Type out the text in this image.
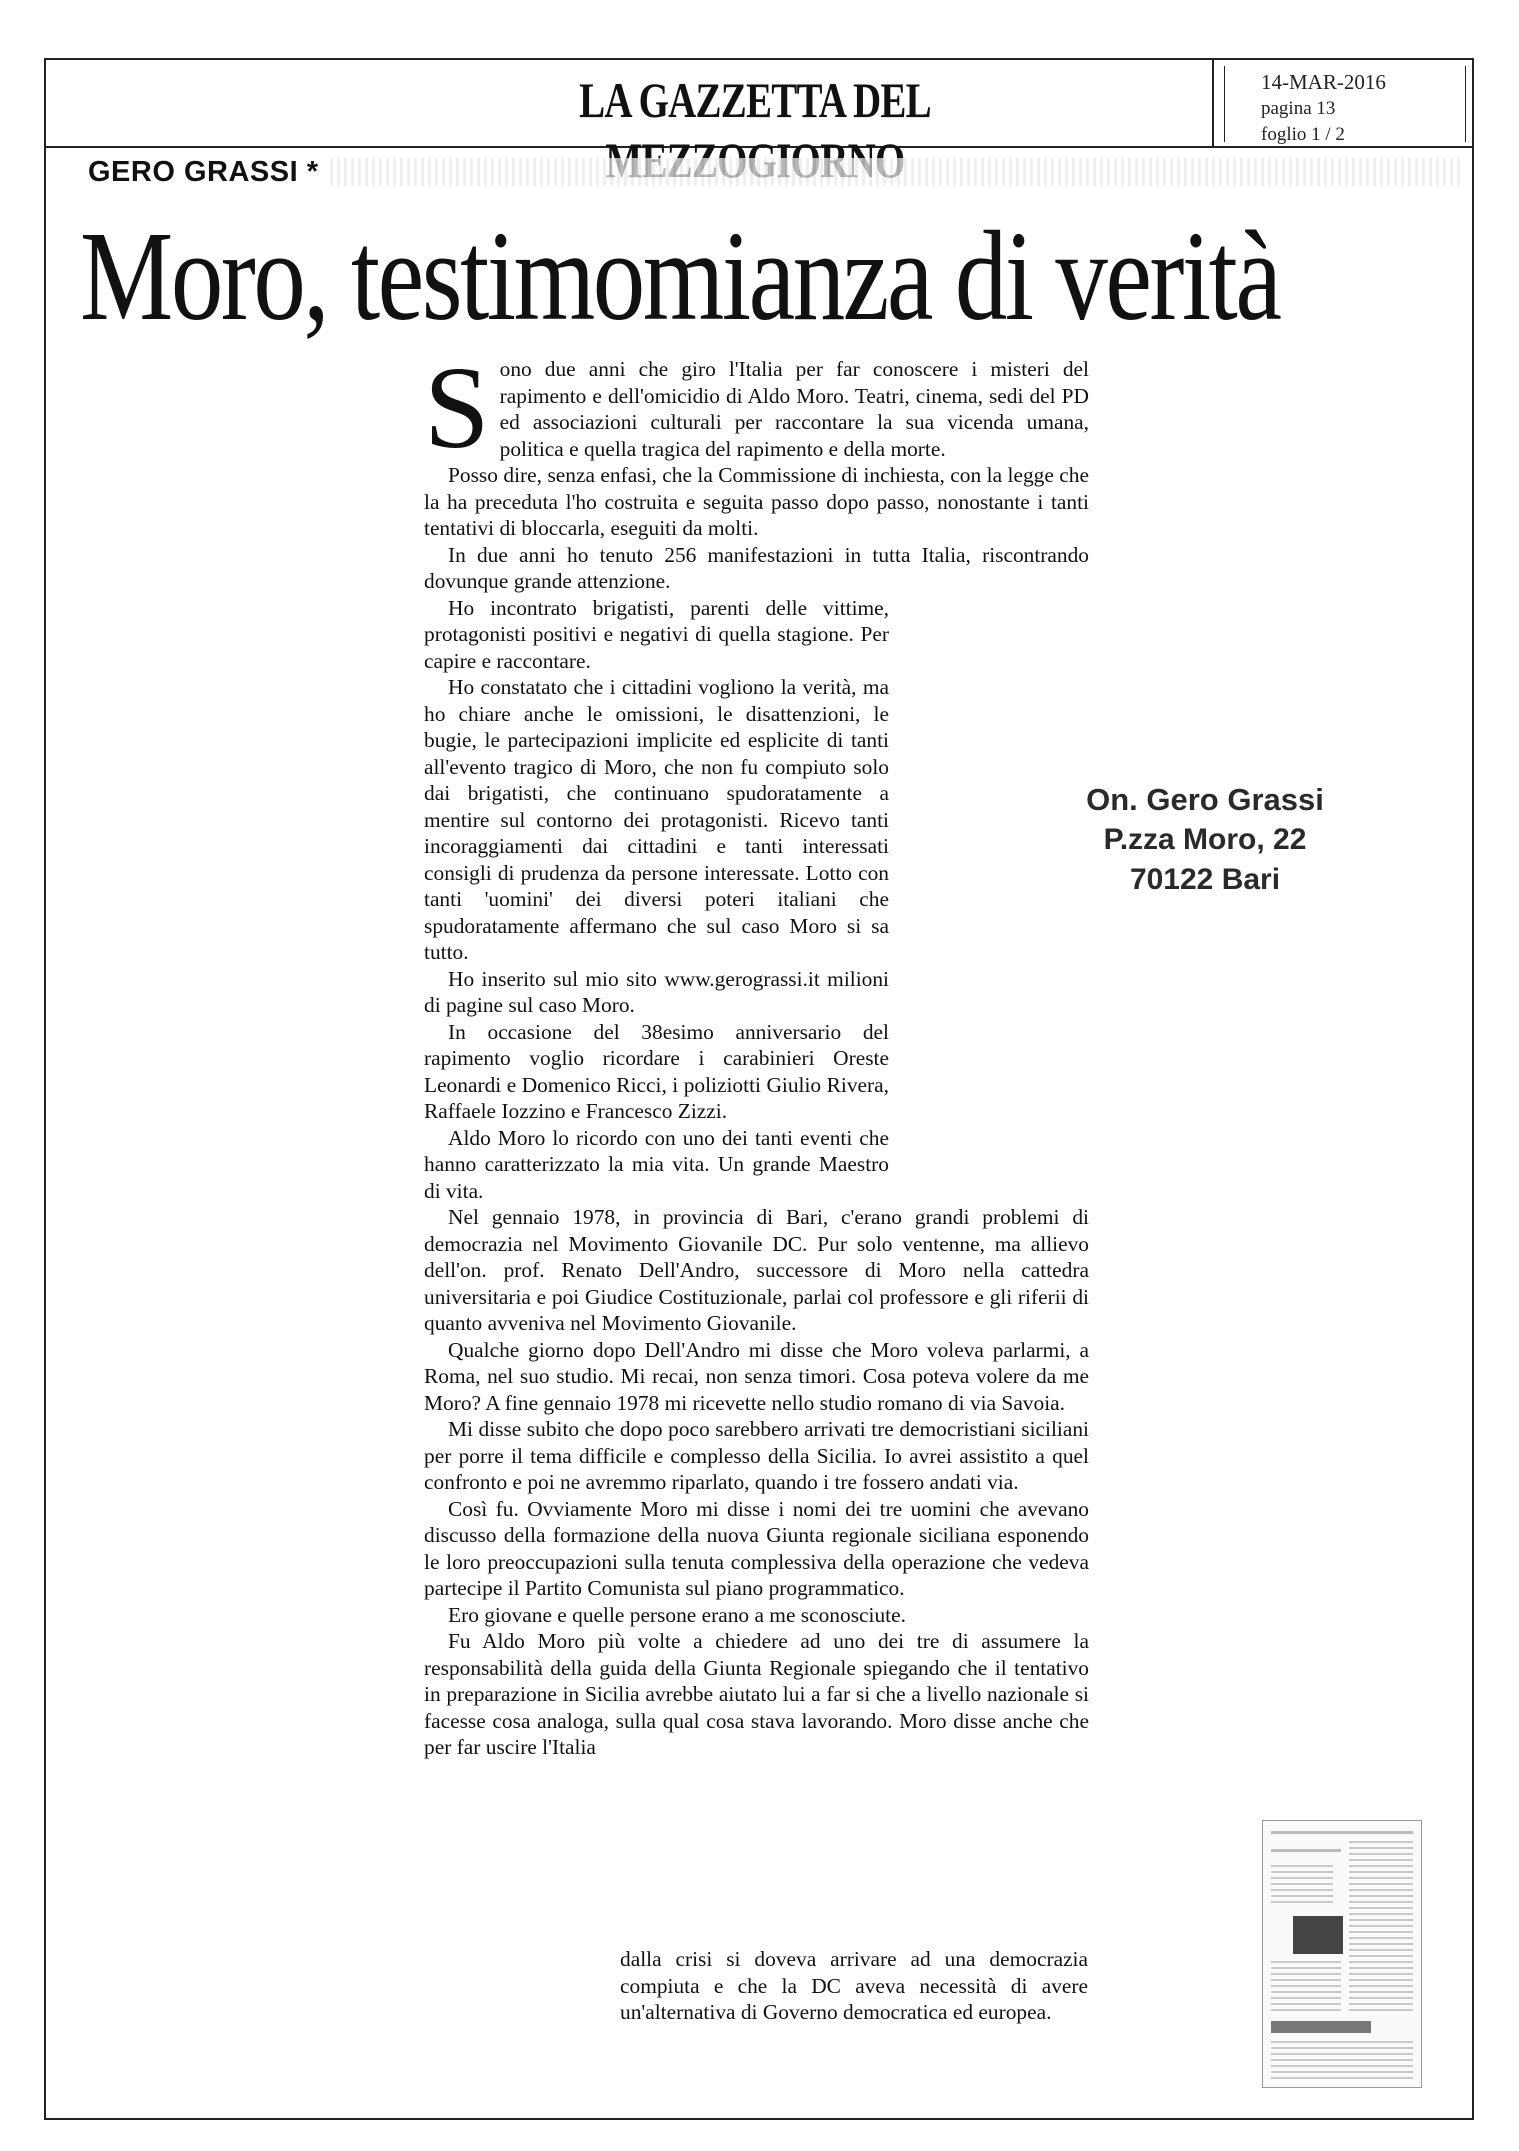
LA GAZZETTA DEL	14-MAR-2016
pagina 13
foglio 1 / 2
GERO GRASSI *
Moro, testimomianza di verità

Sono due anni che giro l'Italia per far conoscere i misteri del rapimento e dell'omicidio di Aldo Moro. Teatri, cinema, sedi del PD ed associazioni culturali per raccontare la sua vicenda umana, politica e quella tragica del rapimento e della morte.

Posso dire, senza enfasi, che la Commissione di inchiesta, con la legge che la ha preceduta l'ho costruita e seguita passo dopo passo, nonostante i tanti tentativi di bloccarla, eseguiti da molti.

In due anni ho tenuto 256 manifestazioni in tutta Italia, riscontrando dovunque grande attenzione.

Ho incontrato brigatisti, parenti delle vittime, protagonisti positivi e negativi di quella stagione. Per capire e raccontare.

Ho constatato che i cittadini vogliono la verità, ma ho chiare anche le omissioni, le disattenzioni, le bugie, le partecipazioni implicite ed esplicite di tanti all'evento tragico di Moro, che non fu compiuto solo dai brigatisti, che continuano spudoratamente a mentire sul contorno dei protagonisti. Ricevo tanti incoraggiamenti dai cittadini e tanti interessati consigli di prudenza da persone interessate. Lotto con tanti 'uomini' dei diversi poteri italiani che spudoratamente affermano che sul caso Moro si sa tutto.

Ho inserito sul mio sito www.gerograssi.it milioni di pagine sul caso Moro.

In occasione del 38esimo anniversario del rapimento voglio ricordare i carabinieri Oreste Leonardi e Domenico Ricci, i poliziotti Giulio Rivera, Raffaele Iozzino e Francesco Zizzi.

Aldo Moro lo ricordo con uno dei tanti eventi che hanno caratterizzato la mia vita. Un grande Maestro di vita.

Nel gennaio 1978, in provincia di Bari, c'erano grandi problemi di democrazia nel Movimento Giovanile DC. Pur solo ventenne, ma allievo dell'on. prof. Renato Dell'Andro, successore di Moro nella cattedra universitaria e poi Giudice Costituzionale, parlai col professore e gli riferii di quanto avveniva nel Movimento Giovanile.

Qualche giorno dopo Dell'Andro mi disse che Moro voleva parlarmi, a Roma, nel suo studio. Mi recai, non senza timori. Cosa poteva volere da me Moro? A fine gennaio 1978 mi ricevette nello studio romano di via Savoia.

Mi disse subito che dopo poco sarebbero arrivati tre democristiani siciliani per porre il tema difficile e complesso della Sicilia. Io avrei assistito a quel confronto e poi ne avremmo riparlato, quando i tre fossero andati via.

Così fu. Ovviamente Moro mi disse i nomi dei tre uomini che avevano discusso della formazione della nuova Giunta regionale siciliana esponendo le loro preoccupazioni sulla tenuta complessiva della operazione che vedeva partecipe il Partito Comunista sul piano programmatico.

Ero giovane e quelle persone erano a me sconosciute.

Fu Aldo Moro più volte a chiedere ad uno dei tre di assumere la responsabilità della guida della Giunta Regionale spiegando che il tentativo in preparazione in Sicilia avrebbe aiutato lui a far si che a livello nazionale si facesse cosa analoga, sulla qual cosa stava lavorando. Moro disse anche che per far uscire l'Italia

dalla crisi si doveva arrivare ad una democrazia compiuta e che la DC aveva necessità di avere un'alternativa di Governo democratica ed europea.
On. Gero Grassi
P.zza Moro, 22
70122 Bari
